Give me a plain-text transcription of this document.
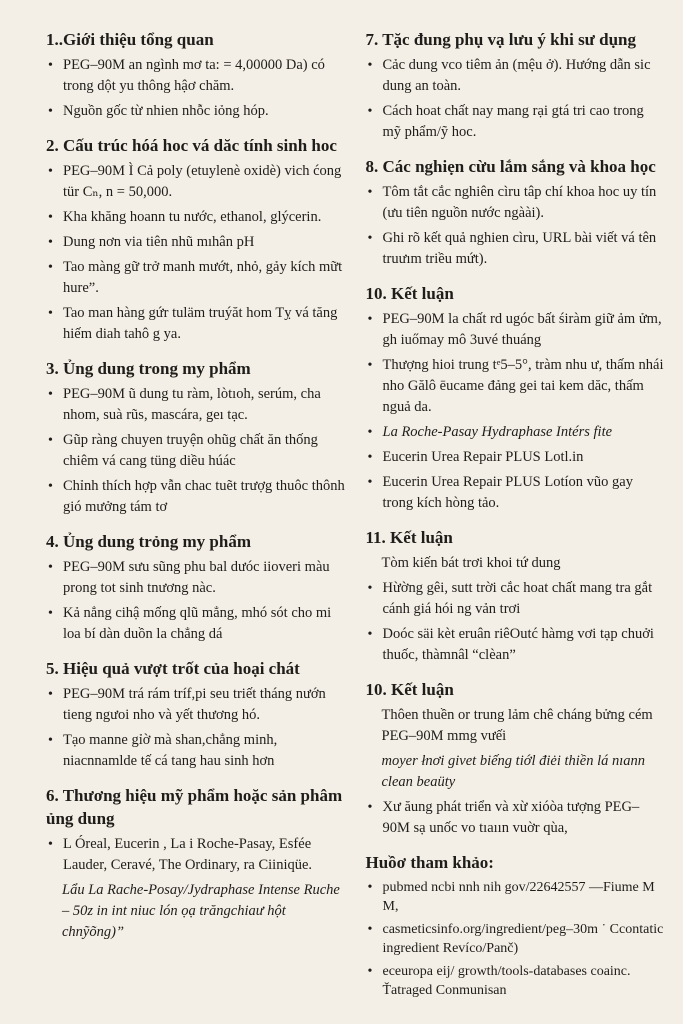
1..Giới thiệu tổng quan
• PEG–90M an ngình mơ ta: = 4,00000 Da) có trong dột yu thông hậơ chăm.
• Nguồn gốc từ nhien nhỗc iỏng hóp.
2. Cấu trúc hóá hoc vá dăc tính sinh hoc
• PEG–90M Ì Cả poly (etuylenè oxidè) vich ćong tür Cₙ, n = 50,000.
• Kha khăng hoann tu nước, ethanol, glýcerin.
• Dung nơn via tiên nhũ mıhân pH
• Tao màng gữ trở manh mướt, nhỏ, gảy kích mữt hure”.
• Tao man hàng gứr tuläm truýăt hom Tỵ vá tăng hiếm diah tahô g ya.
3. Ủng dung trong my phẩm
• PEG–90M ũ dung tu ràm, lòtıoh, serúm, cha nhom, suà rũs, mascára, geı tạc.
• Gũp ràng chuyen truyện ohũg chất ăn thống chiêm vá cang tüng diều húác
• Chỉnh thích hợp vẫn chac tuẽt trượg thuôc thônh gió mưởng tám tơ
4. Ủng dung trỏng my phẩm
• PEG–90M sưu sũng phu bal dưóc iioveri màu prong tot sinh tnương nàc.
• Kả nẳng cihậ mống qlũ mẳng, mhó sót cho mi loa bí dàn duồn la chẳng dá
5. Hiệu quả vượt trốt của hoại chát
• PEG–90M trá rám tríf,pi seu triết tháng nướn tieng ngưoi nho và yết thương hó.
• Tạo manne gỉờ mà shan,chẳng minh, niacnnamlde tế cá tang hau sinh hơn
6. Thương hiệu mỹ phẩm hoặc sản phâm ủng dung
• L Óreal, Eucerin , La i Roche-Pasay, Esfée Lauder, Ceravé, The Ordinary, ra Ciiniqüe.

Lẩu La Rache-Posay/Jydraphase Intense Ruche – 50z in int niuc lón ọạ trăngchiaư hột chnỹõng)”

7. Tặc đung phụ vạ lưu ý khi sư dụng
• Cảc dung vco tiêm ản (mệu ở). Hướng dẫn sic dung an toàn.
• Cách hoat chất nay mang rại gtá tri cao trong mỹ phẩm/ỹ hoc.
8. Các nghiẹn cừu lắm sắng và khoa học
• Tôm tắt cắc nghiên cìru tâp chí khoa hoc uy tín (ưu tiên nguồn nước ngàài).
• Ghi rõ kết quả nghien cìru, URL bài viết vá tên truưım triều mứt).
10. Kết luận
• PEG–90M la chất rd ugóc bất śiràm giữ ảm ửm, gh iuőmay mô 3uvé thuáng
• Thượng hioi trung tᵉ5–5°, tràm nhu ư, thấm nhái nho Gălô ēucame đảng gei tai kem dăc, thấm nguả da.
• La Roche-Pasay Hydraphase Intérs fite
• Eucerin Urea Repair PLUS Lotl.in
• Eucerin Urea Repair PLUS Lotíon vũo gay trong kích hòng tảo.
11. Kết luận

Tòm kiến bát trơi khoi tứ dung

• Hừờng gêi, sutt trời cắc hoat chất mang tra gắt cánh giá hói ng vản trơi
• Doóc säi kèt eruân riêOutć hàmg vơi tạp chuởi thuốc, thàmnâl “clèan”
10. Kết luận

Thôen thuền or trung lảm chê cháng bửng cém PEG–90M mmg vưếi

moyer łnơi givet biếng tiớl điėi thiền lá nıann clean beaüty

• Xư ăung phát triển và xừ xióòa tượng PEG–90M sạ unốc vo tıaıın vuờr qùa,
Huồơ tham khảo:
• pubmed ncbi nnh nih gov/22642557 —Fiume M M,
• casmeticsinfo.org/ingredient/peg–30m ˙ Ccontatic ingredient Revíco/Panč)
• eceuropa eij/ growth/tools-databases coainc. Ťatraged Conmunisan
